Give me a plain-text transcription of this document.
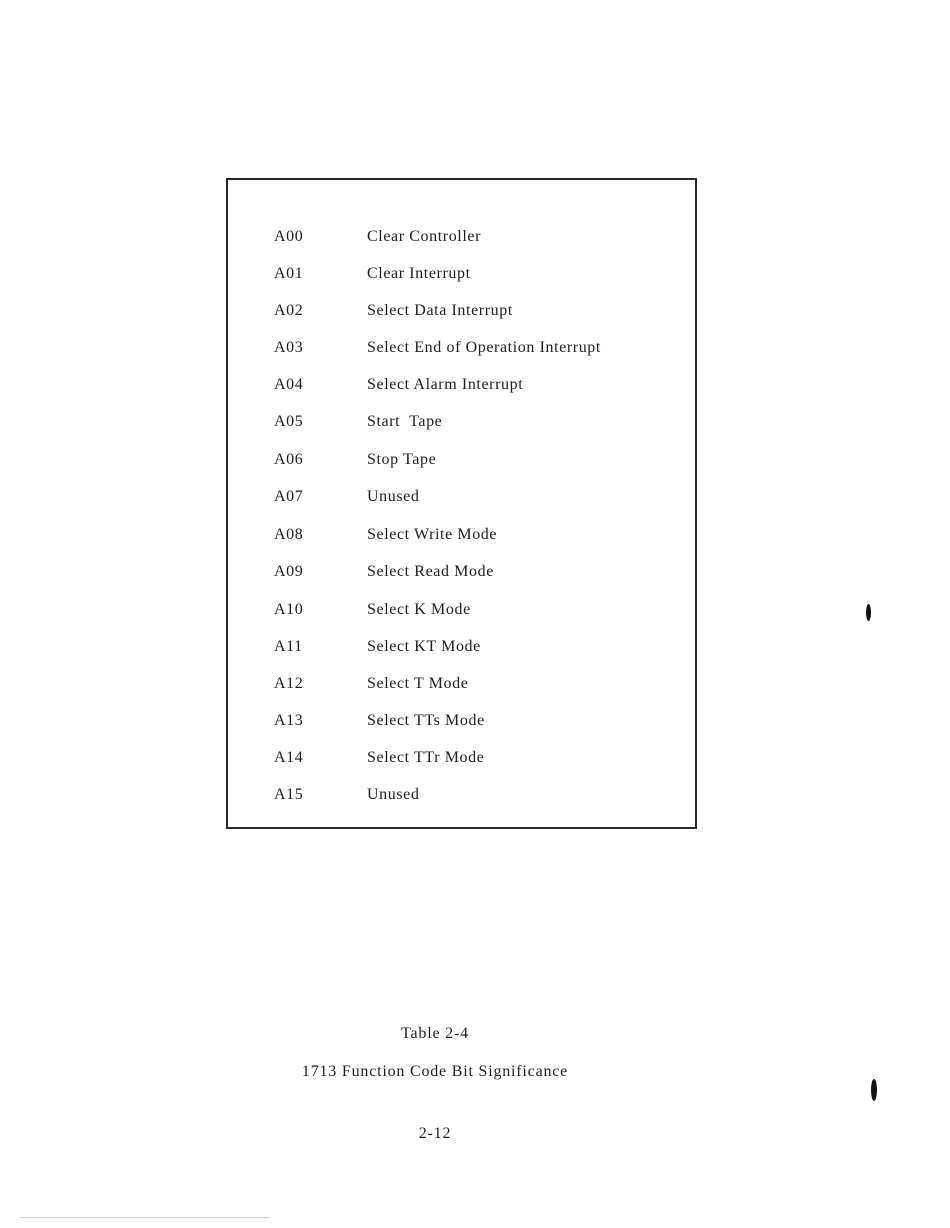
A00	Clear Controller
A01	Clear Interrupt
A02	Select Data Interrupt
A03	Select End of Operation Interrupt
A04	Select Alarm Interrupt
A05	Start  Tape
A06	Stop Tape
A07	Unused
A08	Select Write Mode
A09	Select Read Mode
A10	Select K Mode
A11	Select KT Mode
A12	Select T Mode
A13	Select TTs Mode
A14	Select TTr Mode
A15	Unused
Table 2-4
1713 Function Code Bit Significance
2-12
